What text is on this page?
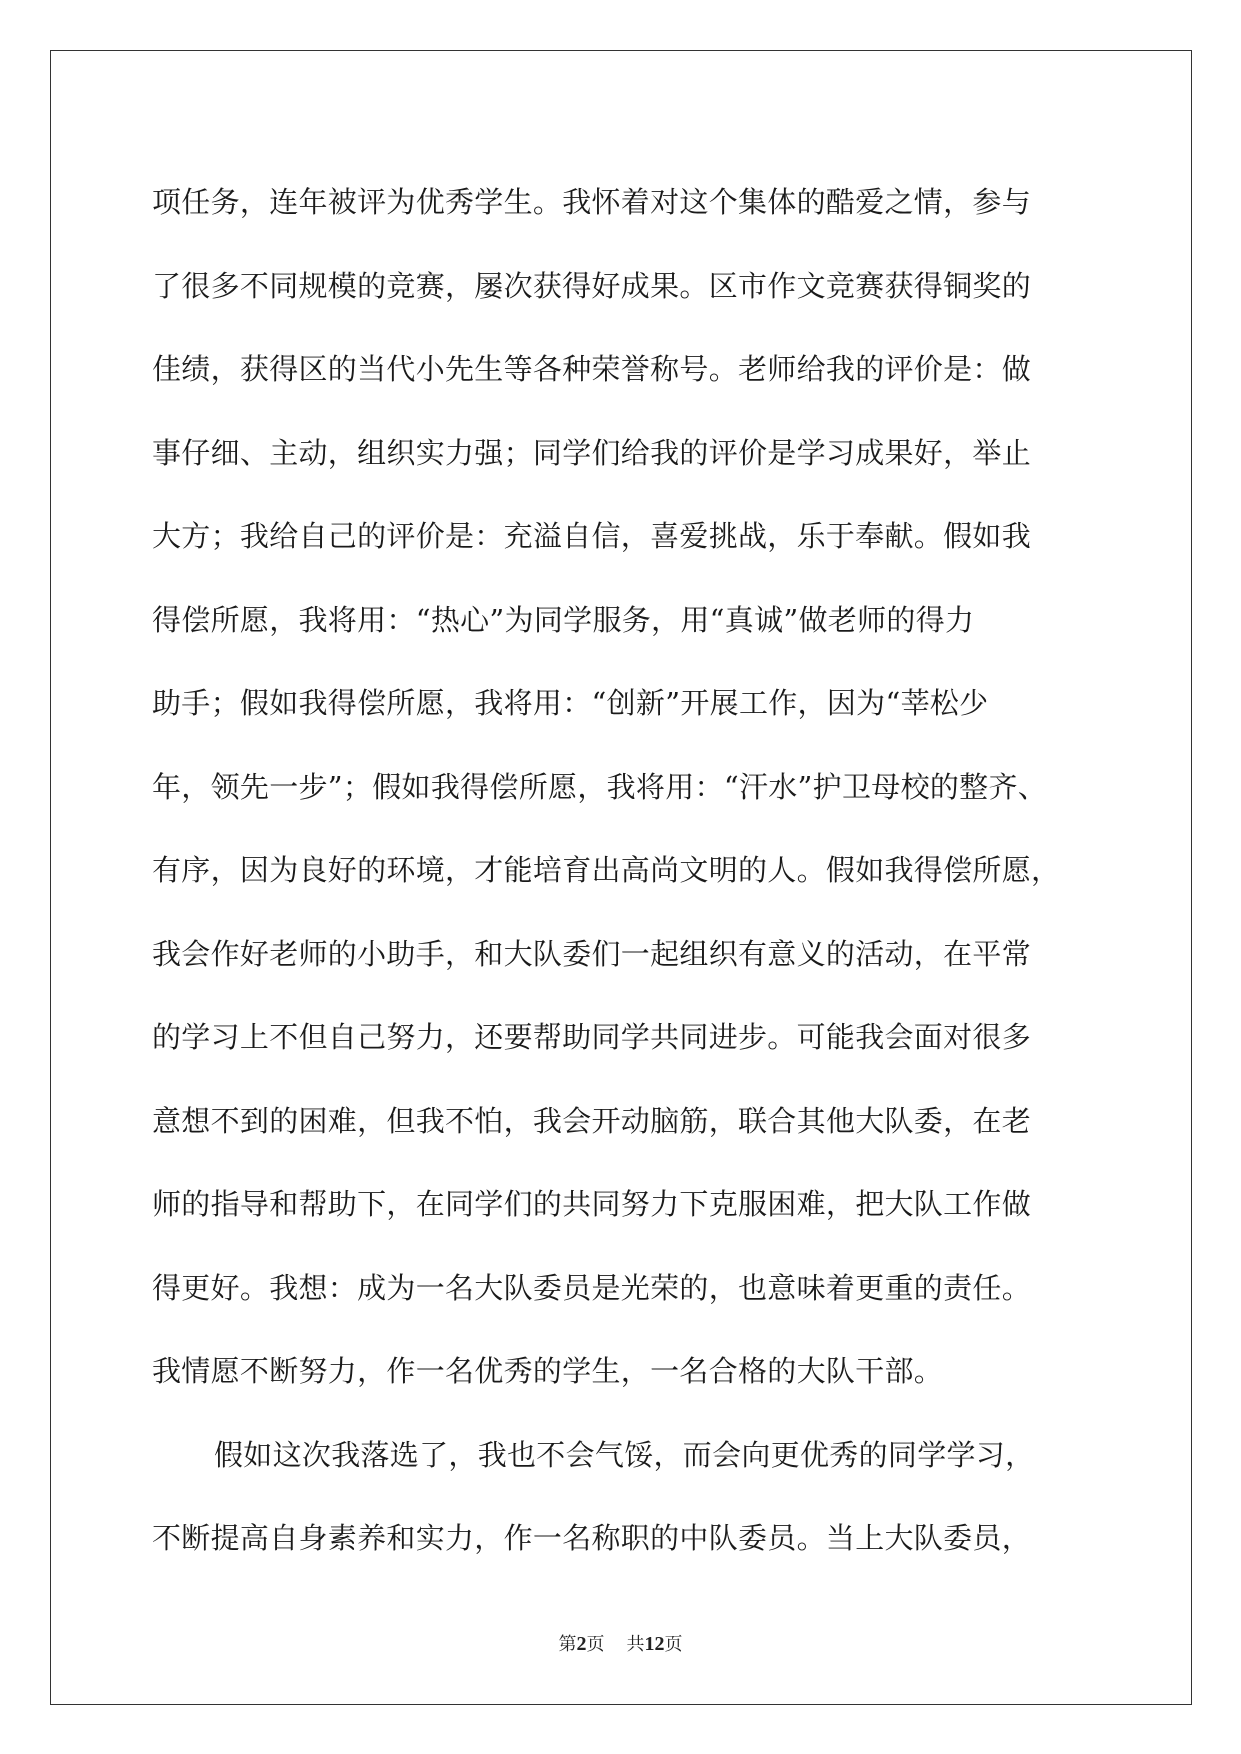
项任务，连年被评为优秀学生。我怀着对这个集体的酷爱之情，参与
了很多不同规模的竞赛，屡次获得好成果。区市作文竞赛获得铜奖的
佳绩，获得区的当代小先生等各种荣誉称号。老师给我的评价是：做
事仔细、主动，组织实力强；同学们给我的评价是学习成果好，举止
大方；我给自己的评价是：充溢自信，喜爱挑战，乐于奉献。假如我
得偿所愿，我将用：“热心”为同学服务，用“真诚”做老师的得力
助手；假如我得偿所愿，我将用：“创新”开展工作，因为“莘松少
年，领先一步”；假如我得偿所愿，我将用：“汗水”护卫母校的整齐、
有序，因为良好的环境，才能培育出高尚文明的人。假如我得偿所愿，
我会作好老师的小助手，和大队委们一起组织有意义的活动，在平常
的学习上不但自己努力，还要帮助同学共同进步。可能我会面对很多
意想不到的困难，但我不怕，我会开动脑筋，联合其他大队委，在老
师的指导和帮助下，在同学们的共同努力下克服困难，把大队工作做
得更好。我想：成为一名大队委员是光荣的，也意味着更重的责任。
我情愿不断努力，作一名优秀的学生，一名合格的大队干部。
假如这次我落选了，我也不会气馁，而会向更优秀的同学学习，
不断提高自身素养和实力，作一名称职的中队委员。当上大队委员，
第2页 共12页
